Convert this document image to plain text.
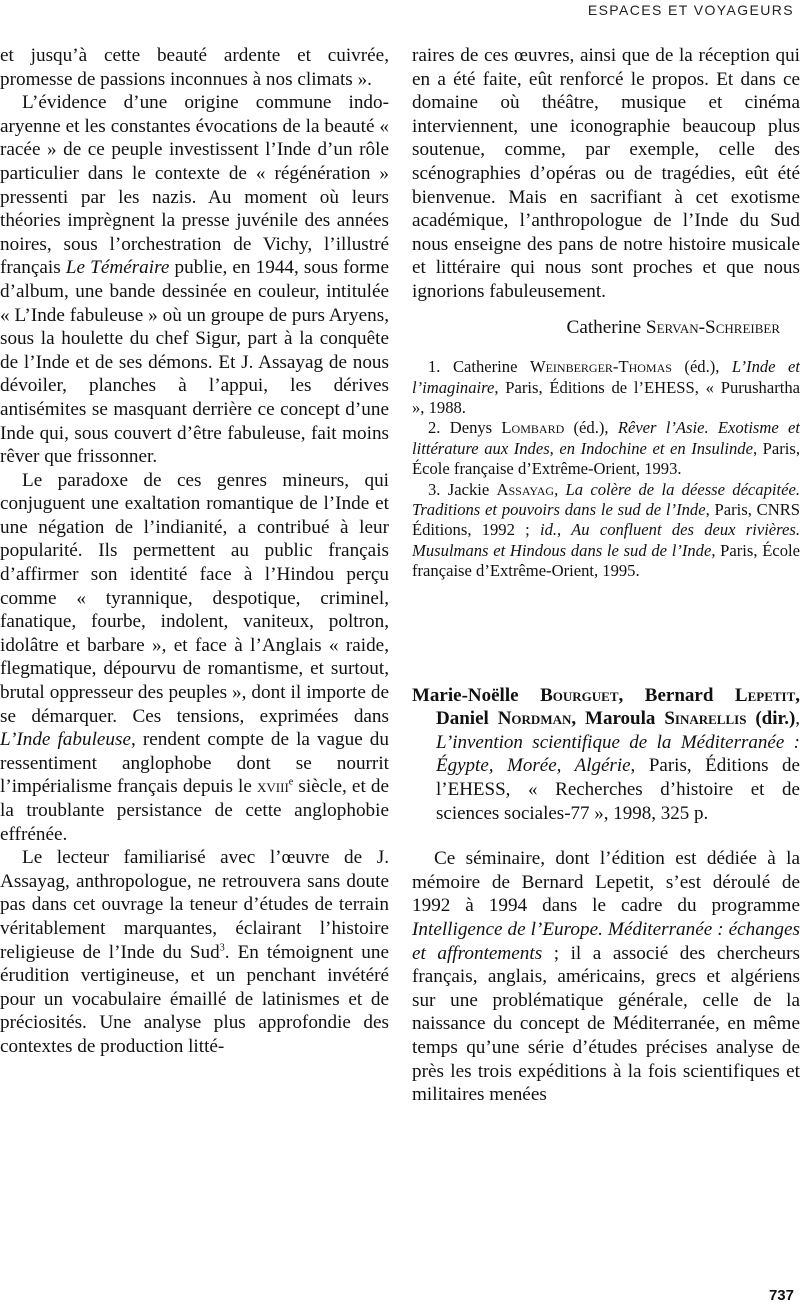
ESPACES ET VOYAGEURS

et jusqu’à cette beauté ardente et cuivrée, promesse de passions inconnues à nos climats ».

L’évidence d’une origine commune indo-aryenne et les constantes évocations de la beauté « racée » de ce peuple investissent l’Inde d’un rôle particulier dans le contexte de « régénération » pressenti par les nazis. Au moment où leurs théories imprègnent la presse juvénile des années noires, sous l’orchestration de Vichy, l’illustré français Le Téméraire publie, en 1944, sous forme d’album, une bande dessinée en couleur, intitulée « L’Inde fabuleuse » où un groupe de purs Aryens, sous la houlette du chef Sigur, part à la conquête de l’Inde et de ses démons. Et J. Assayag de nous dévoiler, planches à l’appui, les dérives antisémites se masquant derrière ce concept d’une Inde qui, sous couvert d’être fabuleuse, fait moins rêver que frissonner.

Le paradoxe de ces genres mineurs, qui conjuguent une exaltation romantique de l’Inde et une négation de l’indianité, a contribué à leur popularité. Ils permettent au public français d’affirmer son identité face à l’Hindou perçu comme « tyrannique, despotique, criminel, fanatique, fourbe, indolent, vaniteux, poltron, idolâtre et barbare », et face à l’Anglais « raide, flegmatique, dépourvu de romantisme, et surtout, brutal oppresseur des peuples », dont il importe de se démarquer. Ces tensions, exprimées dans L’Inde fabuleuse, rendent compte de la vague du ressentiment anglophobe dont se nourrit l’impérialisme français depuis le xviii$^e$ siècle, et de la troublante persistance de cette anglophobie effrénée.

Le lecteur familiarisé avec l’œuvre de J. Assayag, anthropologue, ne retrouvera sans doute pas dans cet ouvrage la teneur d’études de terrain véritablement marquantes, éclairant l’histoire religieuse de l’Inde du Sud$^3$. En témoignent une érudition vertigineuse, et un penchant invétéré pour un vocabulaire émaillé de latinismes et de préciosités. Une analyse plus approfondie des contextes de production litté-

raires de ces œuvres, ainsi que de la réception qui en a été faite, eût renforcé le propos. Et dans ce domaine où théâtre, musique et cinéma interviennent, une iconographie beaucoup plus soutenue, comme, par exemple, celle des scénographies d’opéras ou de tragédies, eût été bienvenue. Mais en sacrifiant à cet exotisme académique, l’anthropologue de l’Inde du Sud nous enseigne des pans de notre histoire musicale et littéraire qui nous sont proches et que nous ignorions fabuleusement.

Catherine Servan-Schreiber

1. Catherine Weinberger-Thomas (éd.), L’Inde et l’imaginaire, Paris, Éditions de l’EHESS, « Purushartha », 1988.

2. Denys Lombard (éd.), Rêver l’Asie. Exotisme et littérature aux Indes, en Indochine et en Insulinde, Paris, École française d’Extrême-Orient, 1993.

3. Jackie Assayag, La colère de la déesse décapitée. Traditions et pouvoirs dans le sud de l’Inde, Paris, CNRS Éditions, 1992 ; id., Au confluent des deux rivières. Musulmans et Hindous dans le sud de l’Inde, Paris, École française d’Extrême-Orient, 1995.

Marie-Noëlle Bourguet, Bernard Lepetit, Daniel Nordman, Maroula Sinarellis (dir.), L’invention scientifique de la Méditerranée : Égypte, Morée, Algérie, Paris, Éditions de l’EHESS, « Recherches d’histoire et de sciences sociales-77 », 1998, 325 p.

Ce séminaire, dont l’édition est dédiée à la mémoire de Bernard Lepetit, s’est déroulé de 1992 à 1994 dans le cadre du programme Intelligence de l’Europe. Méditerranée : échanges et affrontements ; il a associé des chercheurs français, anglais, américains, grecs et algériens sur une problématique générale, celle de la naissance du concept de Méditerranée, en même temps qu’une série d’études précises analyse de près les trois expéditions à la fois scientifiques et militaires menées

737
